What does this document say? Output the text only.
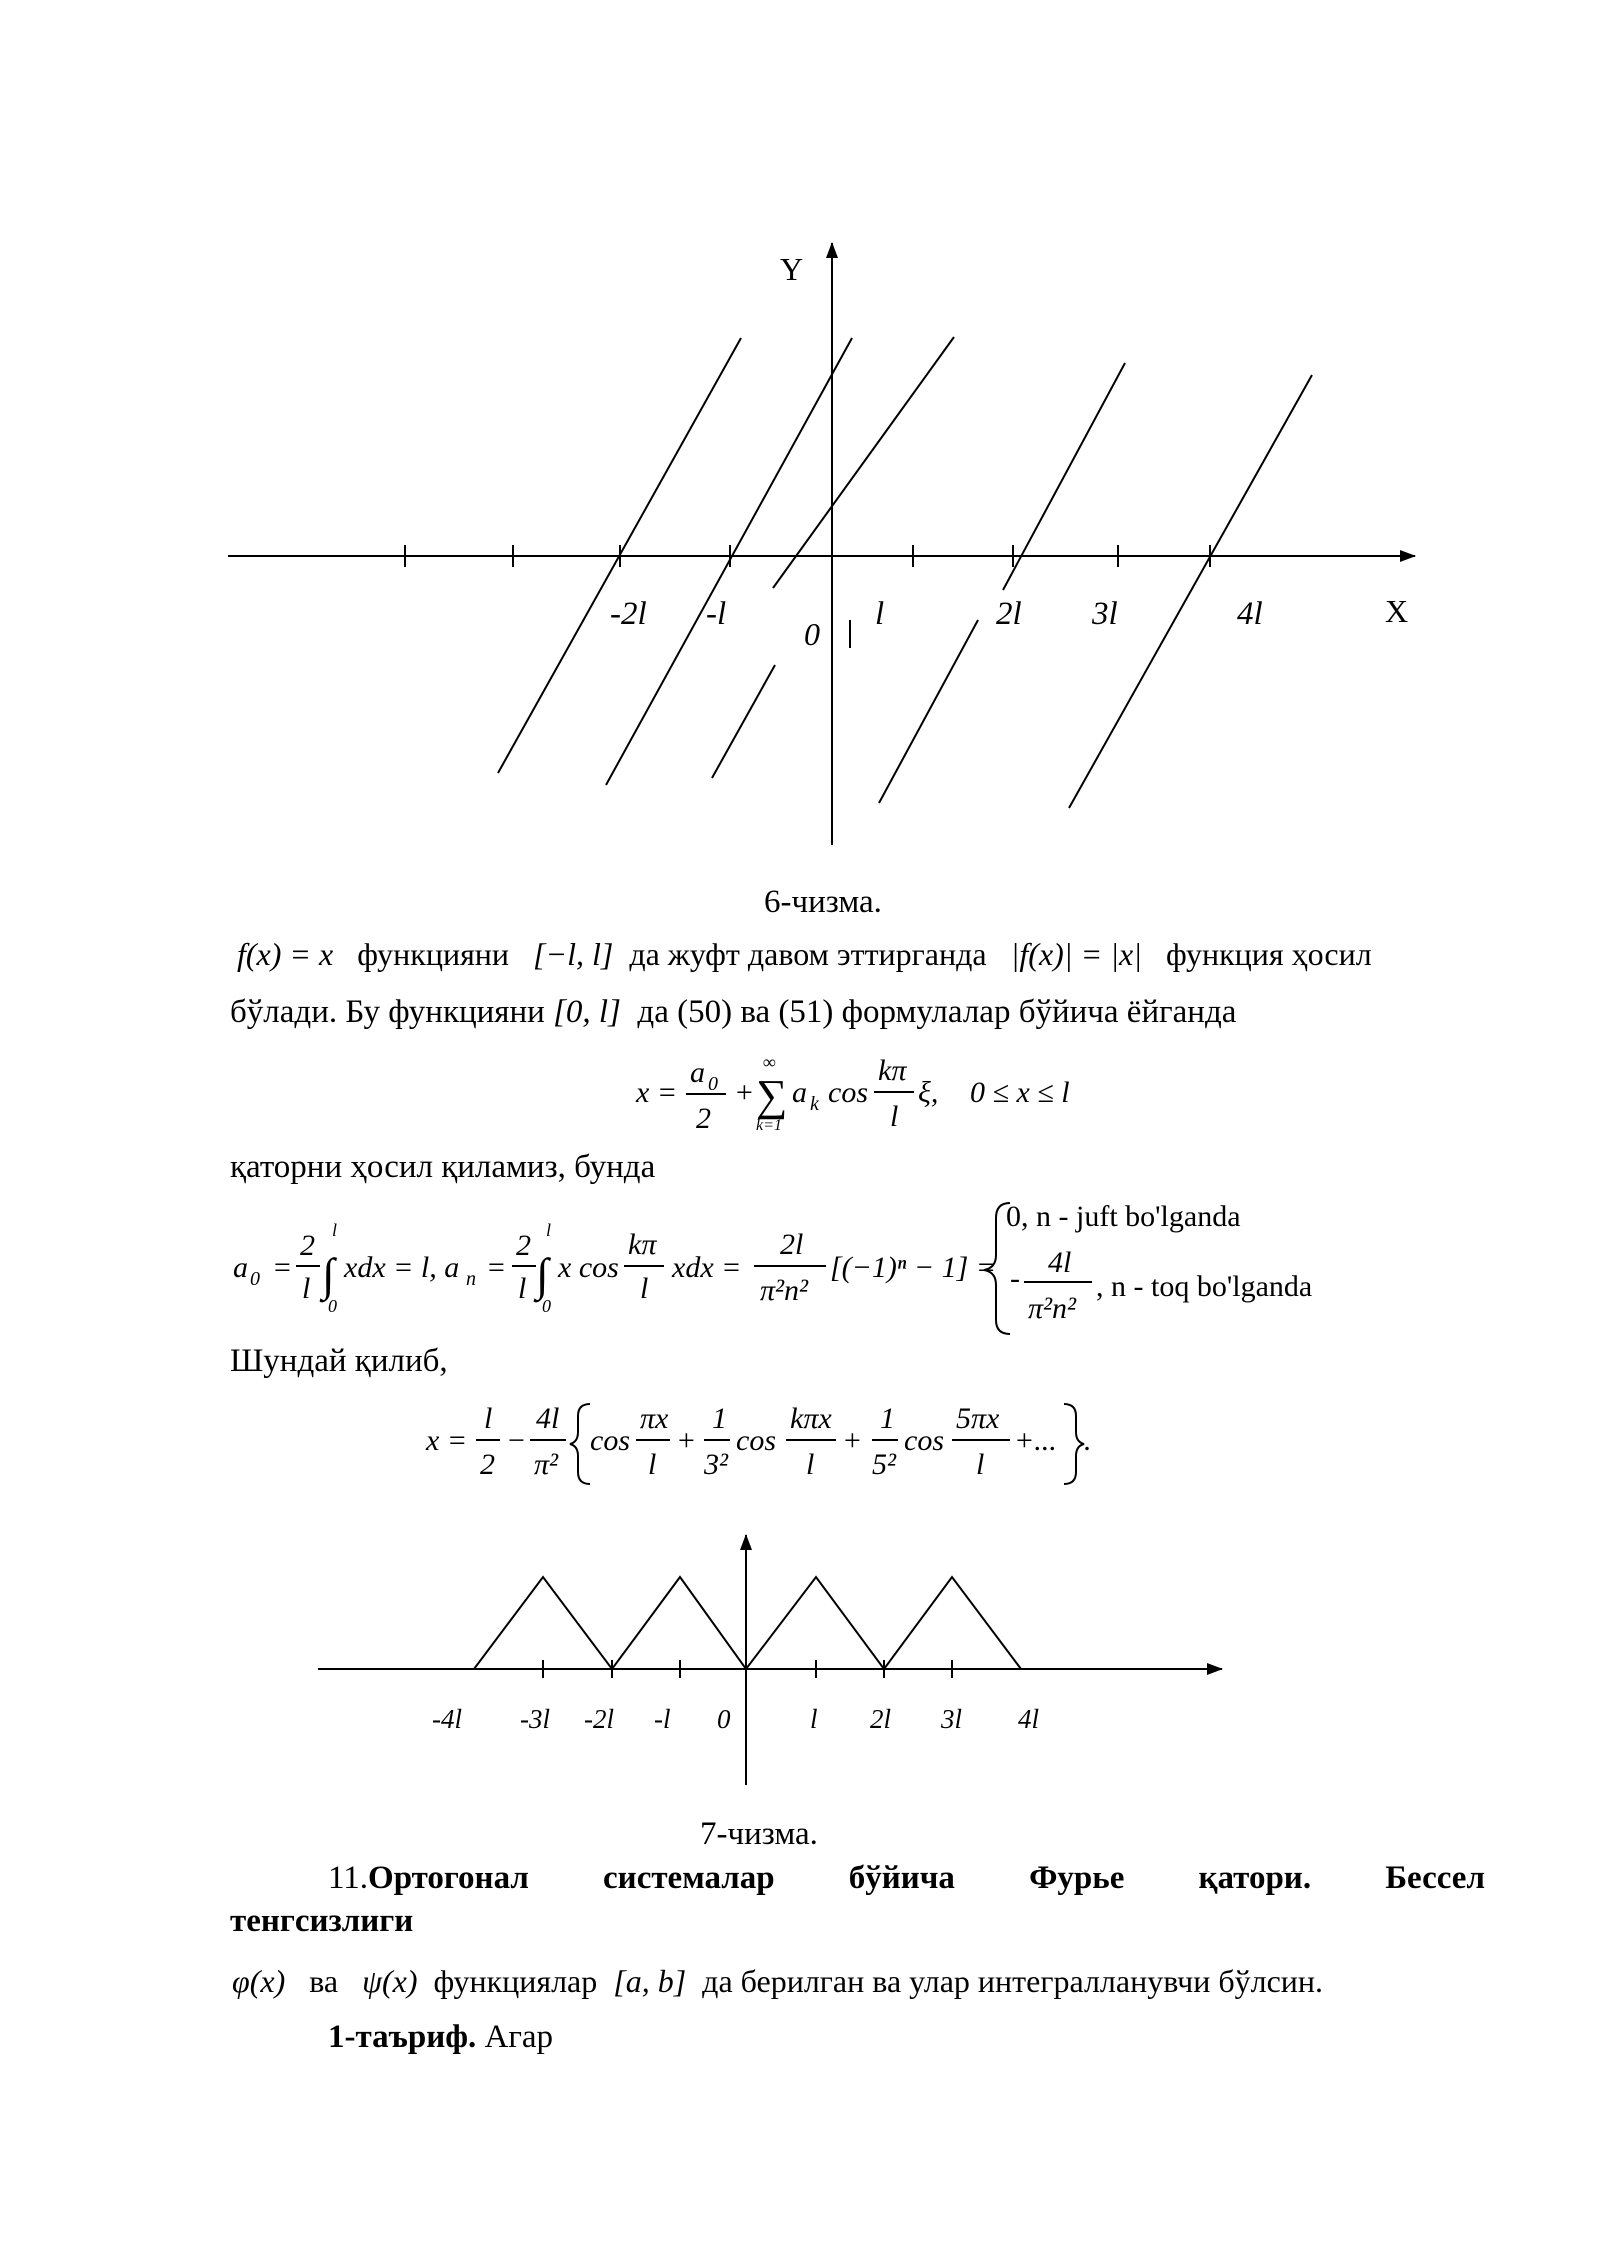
Y
X
0
-2l -l	l	2l 3l	4l
6-чизма.
f(x) = x функцияни [−l, l] да жуфт давом эттирганда |f(x)| = |x| функция ҳосил
бўлади. Бу функцияни [0, l] да (50) ва (51) формулалар бўйича ёйганда
x =
a 0
2
+
∞
∑
k=1
a k cos
kπ
l
ξ, 0 ≤ x ≤ l
қаторни ҳосил қиламиз, бунда
a 0 =
2
l
l
∫
0
xdx = l, a n =
2
l
l
∫
0
x cos
kπ
l
xdx =
2l
π²n²
[(−1)ⁿ − 1] =
0, n - juft bo'lganda
- 4l
π²n²
, n - toq bo'lganda
Шундай қилиб,
x =
l
2
−
4l
π²
cos
πx
l
+
1
3²
cos
kπx
l
+
1
5²
cos
5πx
l
+... .
-4l -3l -2l -l 0	l 2l 3l 4l
7-чизма.
11.Ортогонал системалар бўйича Фурье қатори. Бессел
тенгсизлиги
φ(x) ва ψ(x) функциялар [a, b] да берилган ва улар интегралланувчи бўлсин.
1-таъриф. Агар
